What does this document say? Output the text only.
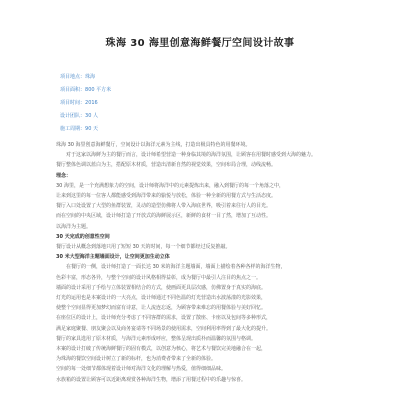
珠海 30 海里创意海鲜餐厅空间设计故事
项目地点：珠海
项目面积：800 平方米
项目时间：2016
设计团队：30 人
施工周期：90 天

珠海 30 海里创意海鲜餐厅，空间设计以海洋元素为主线，打造出极具特色的用餐环境。

对于这家以海鲜为主的餐厅而言，设计师希望营造一种身临其境的海洋氛围，让顾客在用餐时感受到大海的魅力。

餐厅整体色调以蓝白为主，搭配原木材质，营造出清新自然的视觉效果，空间布局合理，动线流畅。

理念：

30 海里，是一个充满想象力的空间，设计师将海洋中的元素提炼出来，融入到餐厅的每一个角落之中，

让来到这里的每一位客人都能感受到海洋带来的愉悦与放松，体验一种全新的用餐方式与生活态度。

餐厅入口处设置了大型的鱼群装置，灵动的造型仿佛将人带入海底世界，吸引着来往行人的目光。

而在空间的中央区域，设计师打造了开放式的海鲜展示区，新鲜的食材一目了然，增加了互动性。

以海洋为主题。

30 天完成的创意性空间

餐厅设计从概念到落地只用了短短 30 天的时间，每一个细节都经过反复推敲。

30 米大型海洋主题墙面设计，让空间更加生动立体

在餐厅的一侧，设计师打造了一面长达 30 米的海洋主题墙面，墙面上描绘着各种各样的海洋生物，

色彩丰富，形态各异，与整个空间的设计风格相得益彰，成为餐厅中最引人注目的焦点之一。

墙面的设计采用了手绘与立体装置相结合的方式，使画面更具层次感，仿佛置身于真实的海底。

灯光的运用也是本案设计的一大亮点，设计师通过不同色温的灯光营造出水波荡漾的光影效果，

使整个空间显得更加梦幻而富有诗意，让人流连忘返，为顾客带来难忘的用餐体验与美好回忆。

在座位区的设计上，设计师充分考虑了不同客群的需求，设置了散座、卡座以及包间等多种形式，

满足家庭聚餐、朋友聚会以及商务宴请等不同场景的使用需求，空间利用率得到了最大化的提升。

餐厅的家具选用了原木材质，与海洋元素形成呼应，整体呈现出质朴而温馨的氛围与格调。

本案的设计打破了传统海鲜餐厅的固有模式，以创意为核心，将艺术与餐饮完美地融合在一起，

为珠海的餐饮空间设计树立了新的标杆，也为消费者带来了全新的体验。

空间的每一处细节都体现着设计师对海洋文化的理解与热爱，值得细细品味。

水族箱的设置让顾客可以近距离观赏各种海洋生物，增添了用餐过程中的乐趣与惊喜。
